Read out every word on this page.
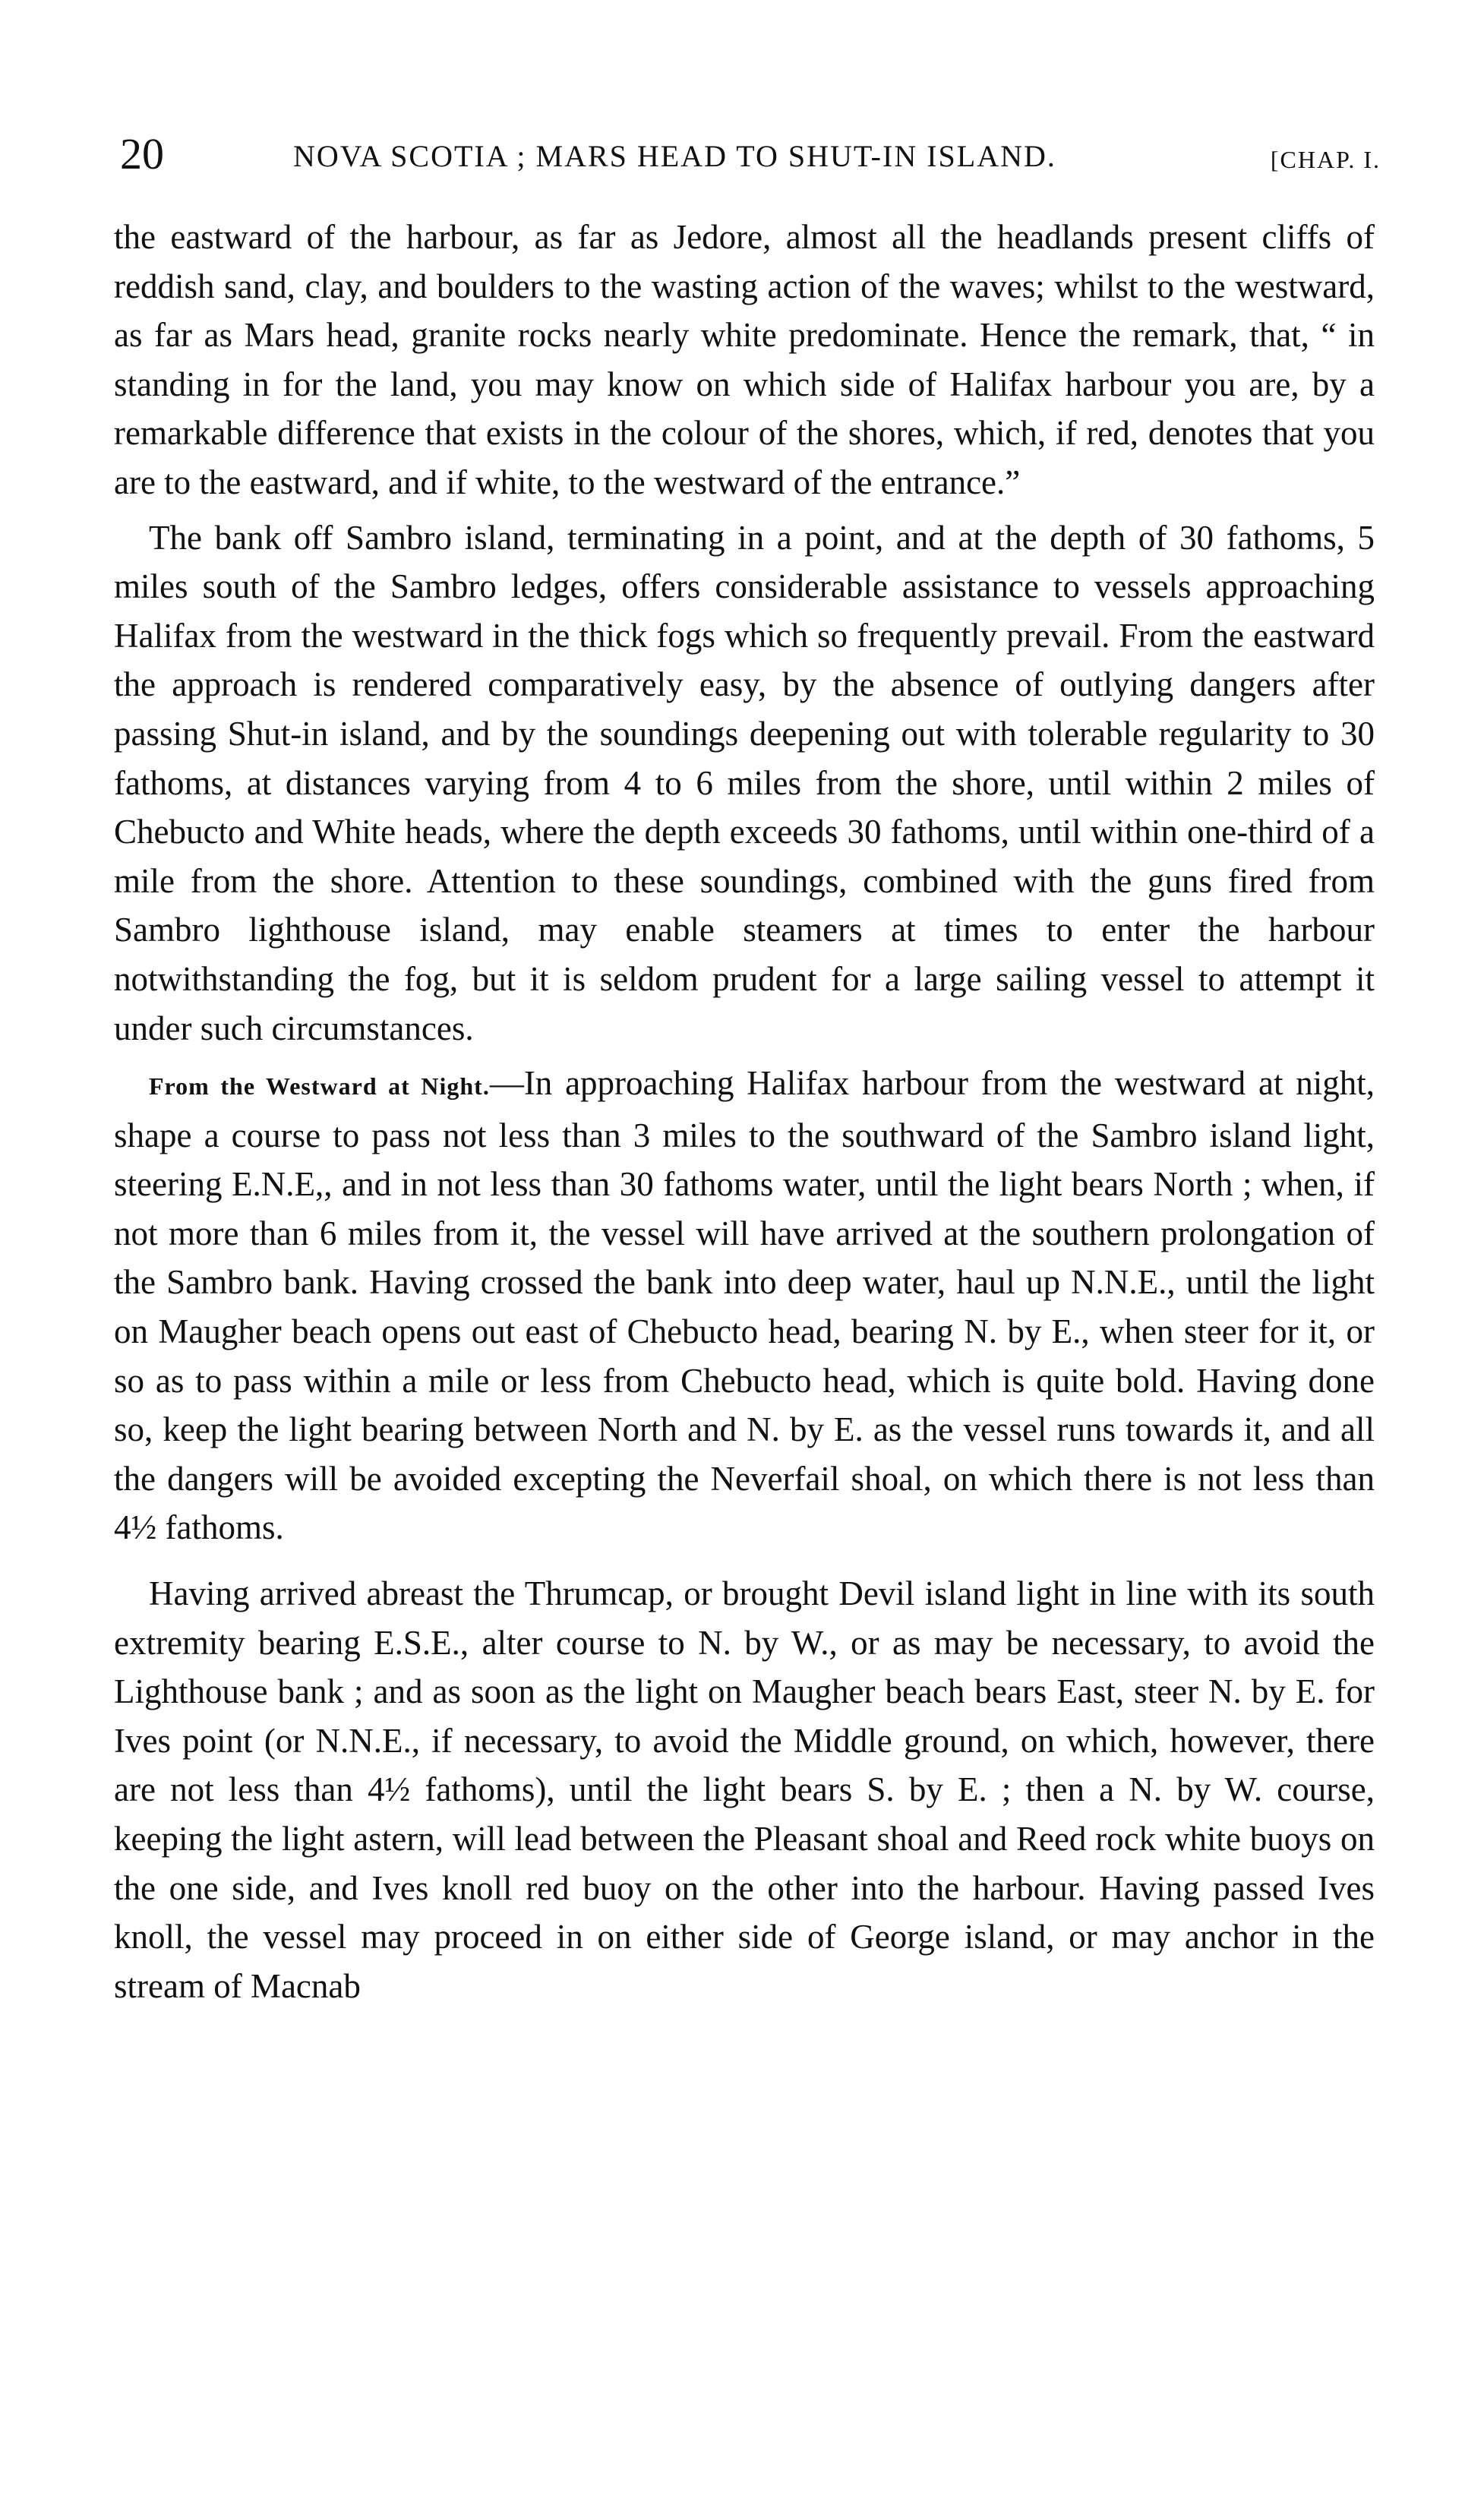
20	NOVA SCOTIA ; MARS HEAD TO SHUT-IN ISLAND.	[CHAP. I.

the eastward of the harbour, as far as Jedore, almost all the headlands present cliffs of reddish sand, clay, and boulders to the wasting action of the waves; whilst to the westward, as far as Mars head, granite rocks nearly white predominate. Hence the remark, that, “ in standing in for the land, you may know on which side of Halifax harbour you are, by a remarkable difference that exists in the colour of the shores, which, if red, denotes that you are to the eastward, and if white, to the westward of the entrance.”

The bank off Sambro island, terminating in a point, and at the depth of 30 fathoms, 5 miles south of the Sambro ledges, offers considerable assistance to vessels approaching Halifax from the westward in the thick fogs which so frequently prevail. From the eastward the approach is rendered comparatively easy, by the absence of outlying dangers after passing Shut-in island, and by the soundings deepening out with tolerable regularity to 30 fathoms, at distances varying from 4 to 6 miles from the shore, until within 2 miles of Chebucto and White heads, where the depth exceeds 30 fathoms, until within one-third of a mile from the shore. Attention to these soundings, combined with the guns fired from Sambro lighthouse island, may enable steamers at times to enter the harbour notwithstanding the fog, but it is seldom prudent for a large sailing vessel to attempt it under such circumstances.

From the Westward at Night.—In approaching Halifax harbour from the westward at night, shape a course to pass not less than 3 miles to the southward of the Sambro island light, steering E.N.E,, and in not less than 30 fathoms water, until the light bears North ; when, if not more than 6 miles from it, the vessel will have arrived at the southern prolongation of the Sambro bank. Having crossed the bank into deep water, haul up N.N.E., until the light on Maugher beach opens out east of Chebucto head, bearing N. by E., when steer for it, or so as to pass within a mile or less from Chebucto head, which is quite bold. Having done so, keep the light bearing between North and N. by E. as the vessel runs towards it, and all the dangers will be avoided excepting the Neverfail shoal, on which there is not less than 4½ fathoms.

Having arrived abreast the Thrumcap, or brought Devil island light in line with its south extremity bearing E.S.E., alter course to N. by W., or as may be necessary, to avoid the Lighthouse bank ; and as soon as the light on Maugher beach bears East, steer N. by E. for Ives point (or N.N.E., if necessary, to avoid the Middle ground, on which, however, there are not less than 4½ fathoms), until the light bears S. by E. ; then a N. by W. course, keeping the light astern, will lead between the Pleasant shoal and Reed rock white buoys on the one side, and Ives knoll red buoy on the other into the harbour. Having passed Ives knoll, the vessel may proceed in on either side of George island, or may anchor in the stream of Macnab
